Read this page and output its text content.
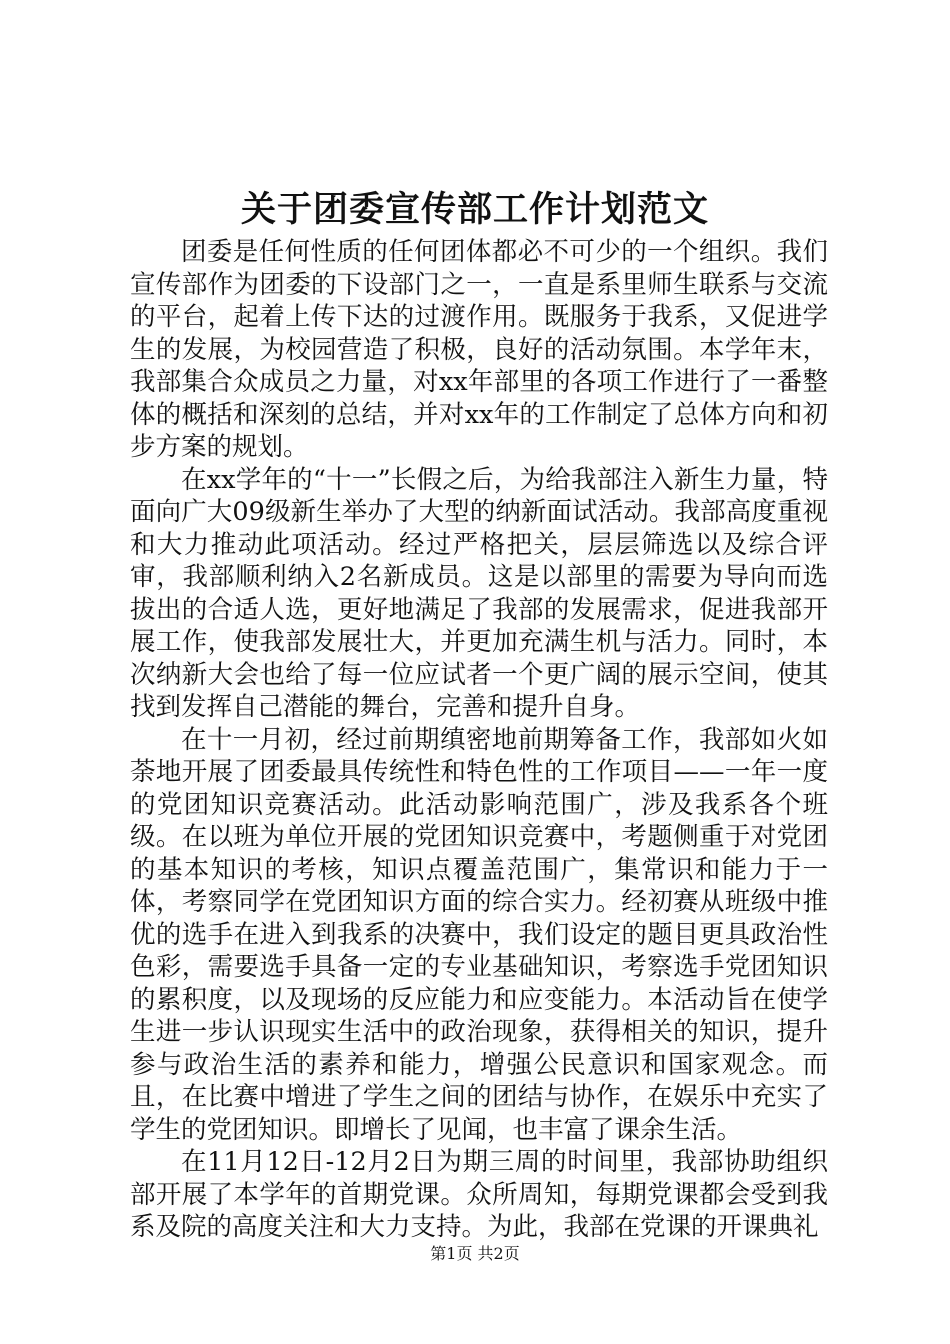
关于团委宣传部工作计划范文

团委是任何性质的任何团体都必不可少的一个组织。我们宣传部作为团委的下设部门之一，一直是系里师生联系与交流的平台，起着上传下达的过渡作用。既服务于我系，又促进学生的发展，为校园营造了积极，良好的活动氛围。本学年末，我部集合众成员之力量，对xx年部里的各项工作进行了一番整体的概括和深刻的总结，并对xx年的工作制定了总体方向和初步方案的规划。

在xx学年的“十一”长假之后，为给我部注入新生力量，特面向广大09级新生举办了大型的纳新面试活动。我部高度重视和大力推动此项活动。经过严格把关，层层筛选以及综合评审，我部顺利纳入2名新成员。这是以部里的需要为导向而选拔出的合适人选，更好地满足了我部的发展需求，促进我部开展工作，使我部发展壮大，并更加充满生机与活力。同时，本次纳新大会也给了每一位应试者一个更广阔的展示空间，使其找到发挥自己潜能的舞台，完善和提升自身。

在十一月初，经过前期缜密地前期筹备工作，我部如火如荼地开展了团委最具传统性和特色性的工作项目——一年一度的党团知识竞赛活动。此活动影响范围广，涉及我系各个班级。在以班为单位开展的党团知识竞赛中，考题侧重于对党团的基本知识的考核，知识点覆盖范围广，集常识和能力于一体，考察同学在党团知识方面的综合实力。经初赛从班级中推优的选手在进入到我系的决赛中，我们设定的题目更具政治性色彩，需要选手具备一定的专业基础知识，考察选手党团知识的累积度，以及现场的反应能力和应变能力。本活动旨在使学生进一步认识现实生活中的政治现象，获得相关的知识，提升参与政治生活的素养和能力，增强公民意识和国家观念。而且，在比赛中增进了学生之间的团结与协作，在娱乐中充实了学生的党团知识。即增长了见闻，也丰富了课余生活。

在11月12日-12月2日为期三周的时间里，我部协助组织部开展了本学年的首期党课。众所周知，每期党课都会受到我系及院的高度关注和大力支持。为此，我部在党课的开课典礼

第1页 共2页
